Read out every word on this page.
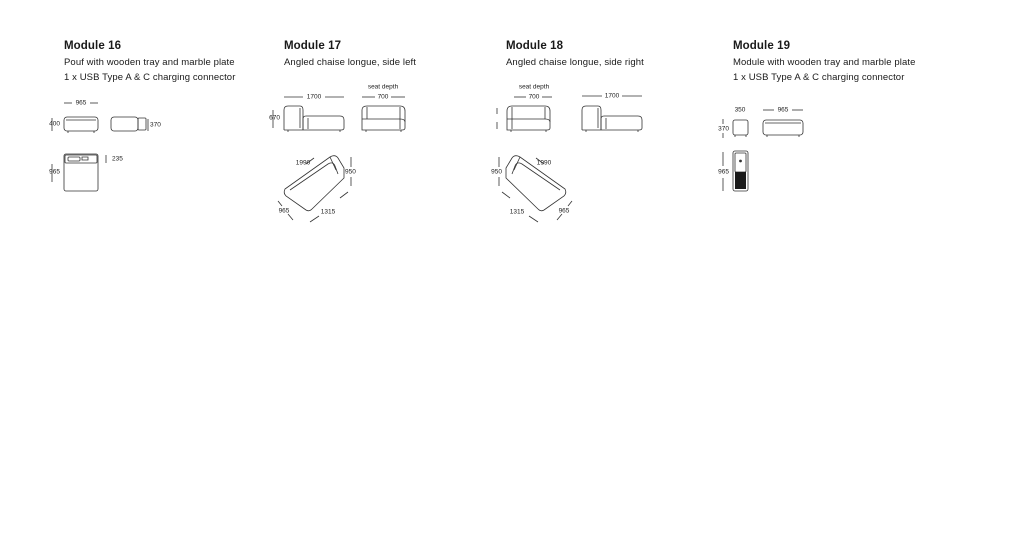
Module 16
Pouf with wooden tray and marble plate
1 x USB Type A & C charging connector
965
400	370
965
235
Module 17
Angled chaise longue, side left
1700
670
seat depth
700
1990
950
965	1315
Module 18
Angled chaise longue, side right
seat depth
700	1700
950
1990
1315	965
Module 19
Module with wooden tray and marble plate
1 x USB Type A & C charging connector
350	965
370
965
